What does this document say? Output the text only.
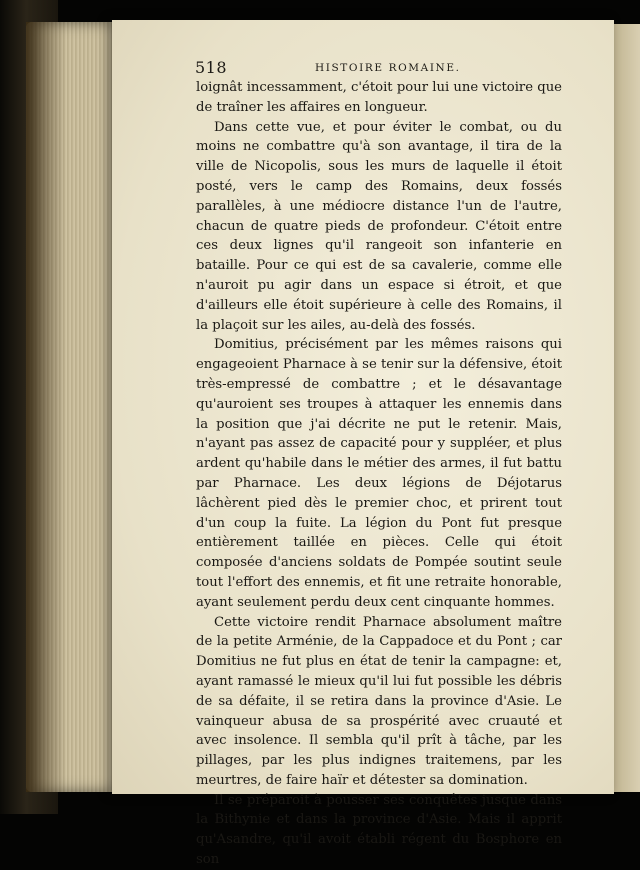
518	HISTOIRE ROMAINE.

loignât incessamment, c'étoit pour lui une victoire que de traîner les affaires en longueur.

Dans cette vue, et pour éviter le combat, ou du moins ne combattre qu'à son avantage, il tira de la ville de Nicopolis, sous les murs de laquelle il étoit posté, vers le camp des Romains, deux fossés parallèles, à une médiocre distance l'un de l'autre, chacun de quatre pieds de profondeur. C'étoit entre ces deux lignes qu'il rangeoit son infanterie en bataille. Pour ce qui est de sa cavalerie, comme elle n'auroit pu agir dans un espace si étroit, et que d'ailleurs elle étoit supérieure à celle des Romains, il la plaçoit sur les ailes, au-delà des fossés.

Domitius, précisément par les mêmes raisons qui engageoient Pharnace à se tenir sur la défensive, étoit très-empressé de combattre ; et le désavantage qu'auroient ses troupes à attaquer les ennemis dans la position que j'ai décrite ne put le retenir. Mais, n'ayant pas assez de capacité pour y suppléer, et plus ardent qu'habile dans le métier des armes, il fut battu par Pharnace. Les deux légions de Déjotarus lâchèrent pied dès le premier choc, et prirent tout d'un coup la fuite. La légion du Pont fut presque entièrement taillée en pièces. Celle qui étoit composée d'anciens soldats de Pompée soutint seule tout l'effort des ennemis, et fit une retraite honorable, ayant seulement perdu deux cent cinquante hommes.

Cette victoire rendit Pharnace absolument maître de la petite Arménie, de la Cappadoce et du Pont ; car Domitius ne fut plus en état de tenir la campagne: et, ayant ramassé le mieux qu'il lui fut possible les débris de sa défaite, il se retira dans la province d'Asie. Le vainqueur abusa de sa prospérité avec cruauté et avec insolence. Il sembla qu'il prît à tâche, par les pillages, par les plus indignes traitemens, par les meurtres, de faire haïr et détester sa domination.

Il se préparoit à pousser ses conquêtes jusque dans la Bithynie et dans la province d'Asie. Mais il apprit qu'Asandre, qu'il avoit établi régent du Bosphore en son
